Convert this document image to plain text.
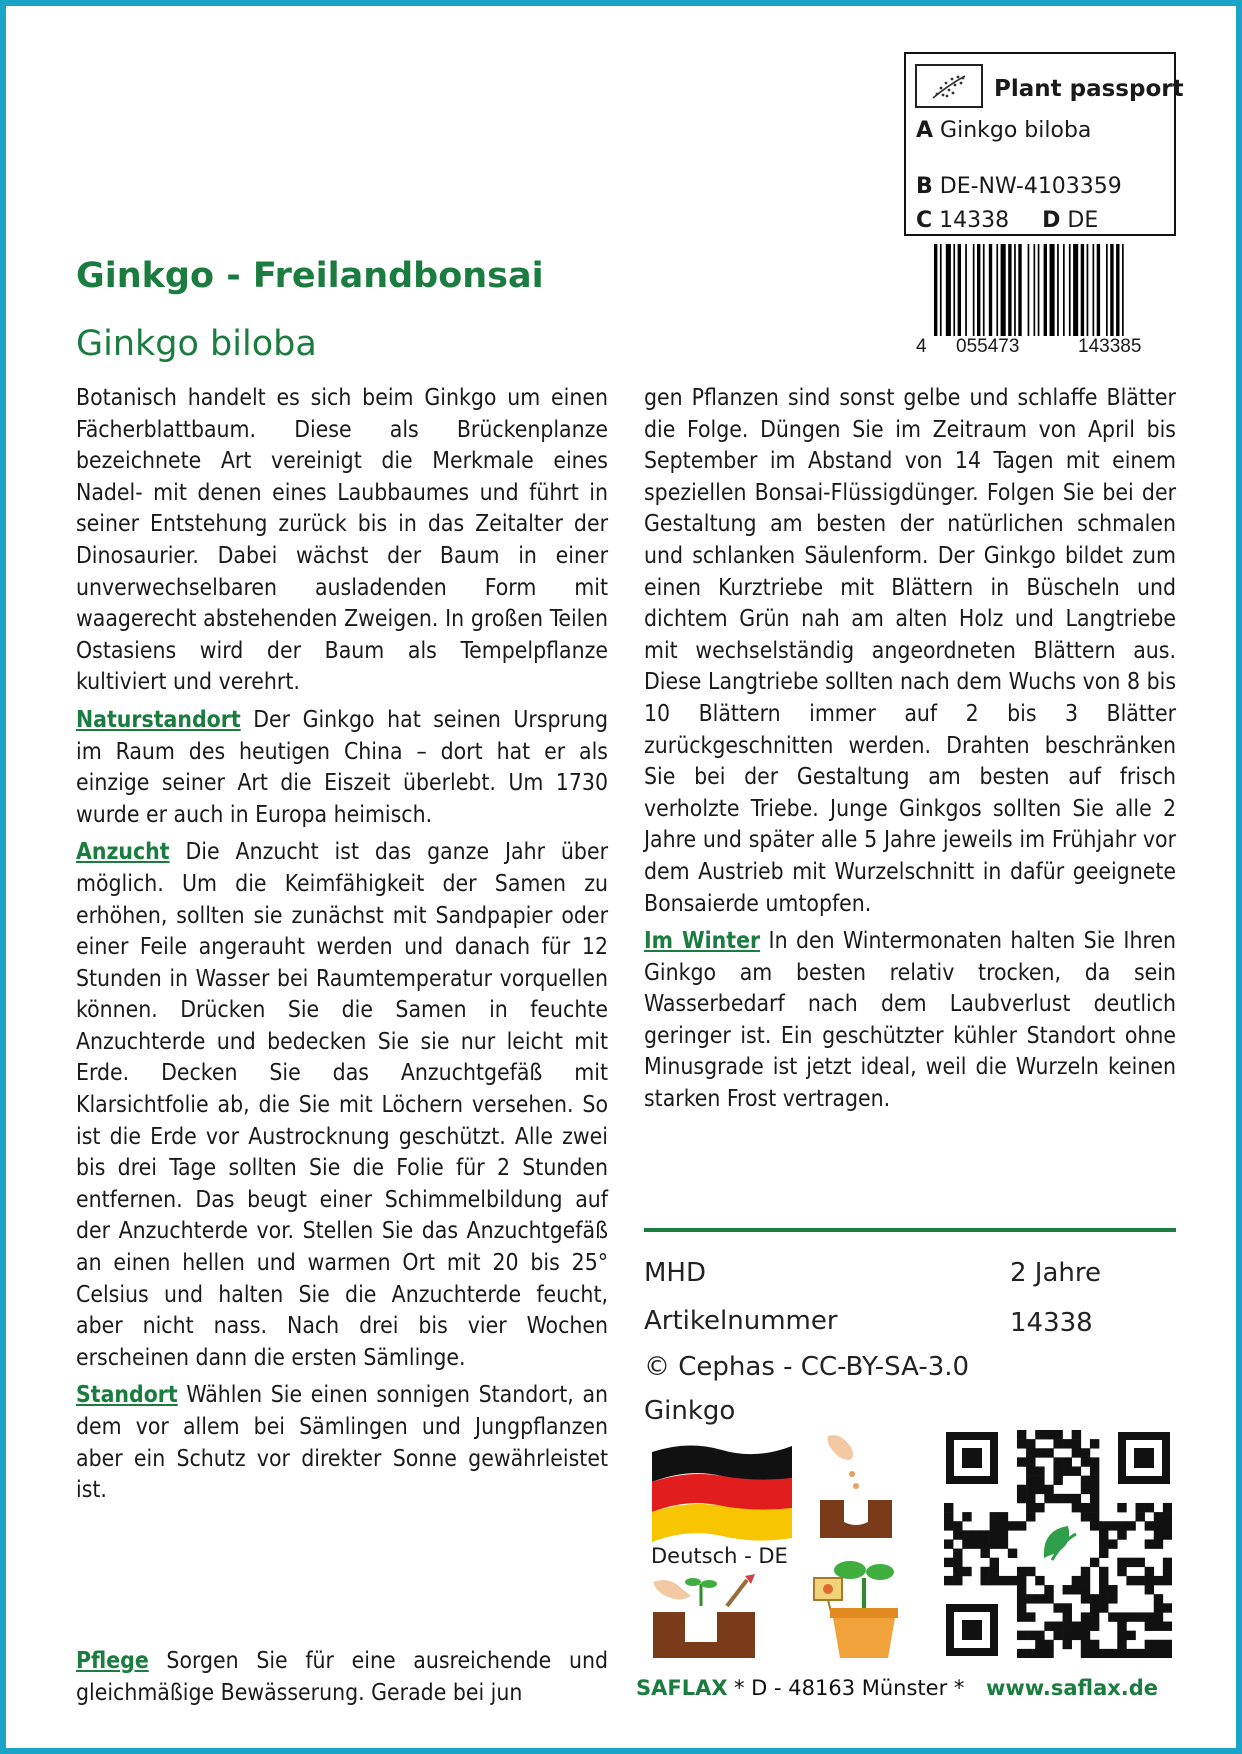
Plant passport
A Ginkgo biloba
B DE-NW-4103359
C 14338 D DE
4 055473	143385
Ginkgo - Freilandbonsai
Ginkgo biloba

Botanisch handelt es sich beim Ginkgo um einen Fächerblattbaum. Diese als Brückenplanze bezeichnete Art vereinigt die Merkmale eines Nadel- mit denen eines Laubbaumes und führt in seiner Entstehung zurück bis in das Zeitalter der Dinosaurier. Dabei wächst der Baum in einer unverwechselbaren ausladenden Form mit waagerecht abstehenden Zweigen. In großen Teilen Ostasiens wird der Baum als Tempelpflanze kultiviert und verehrt.

Naturstandort Der Ginkgo hat seinen Ursprung im Raum des heutigen China – dort hat er als einzige seiner Art die Eiszeit überlebt. Um 1730 wurde er auch in Europa heimisch.

Anzucht Die Anzucht ist das ganze Jahr über möglich. Um die Keimfähigkeit der Samen zu erhöhen, sollten sie zunächst mit Sandpapier oder einer Feile angerauht werden und danach für 12 Stunden in Wasser bei Raumtemperatur vorquellen können. Drücken Sie die Samen in feuchte Anzuchterde und bedecken Sie sie nur leicht mit Erde. Decken Sie das Anzuchtgefäß mit Klarsichtfolie ab, die Sie mit Löchern versehen. So ist die Erde vor Austrocknung geschützt. Alle zwei bis drei Tage sollten Sie die Folie für 2 Stunden entfernen. Das beugt einer Schimmelbildung auf der Anzuchterde vor. Stellen Sie das Anzuchtgefäß an einen hellen und warmen Ort mit 20 bis 25° Celsius und halten Sie die Anzuchterde feucht, aber nicht nass. Nach drei bis vier Wochen erscheinen dann die ersten Sämlinge.

Standort Wählen Sie einen sonnigen Standort, an dem vor allem bei Sämlingen und Jungpflanzen aber ein Schutz vor direkter Sonne gewährleistet ist.

Pflege Sorgen Sie für eine ausreichende und gleichmäßige Bewässerung. Gerade bei jun

gen Pflanzen sind sonst gelbe und schlaffe Blätter die Folge. Düngen Sie im Zeitraum von April bis September im Abstand von 14 Tagen mit einem speziellen Bonsai-Flüssigdünger. Folgen Sie bei der Gestaltung am besten der natürlichen schmalen und schlanken Säulenform. Der Ginkgo bildet zum einen Kurztriebe mit Blättern in Büscheln und dichtem Grün nah am alten Holz und Langtriebe mit wechselständig angeordneten Blättern aus. Diese Langtriebe sollten nach dem Wuchs von 8 bis 10 Blättern immer auf 2 bis 3 Blätter zurückgeschnitten werden. Drahten beschränken Sie bei der Gestaltung am besten auf frisch verholzte Triebe. Junge Ginkgos sollten Sie alle 2 Jahre und später alle 5 Jahre jeweils im Frühjahr vor dem Austrieb mit Wurzelschnitt in dafür geeignete Bonsaierde umtopfen.

Im Winter In den Wintermonaten halten Sie Ihren Ginkgo am besten relativ trocken, da sein Wasserbedarf nach dem Laubverlust deutlich geringer ist. Ein geschützter kühler Standort ohne Minusgrade ist jetzt ideal, weil die Wurzeln keinen starken Frost vertragen.

MHD	2 Jahre
Artikelnummer	14338
© Cephas - CC-BY-SA-3.0
Ginkgo
Deutsch - DE
SAFLAX * D - 48163 Münster * www.saflax.de
